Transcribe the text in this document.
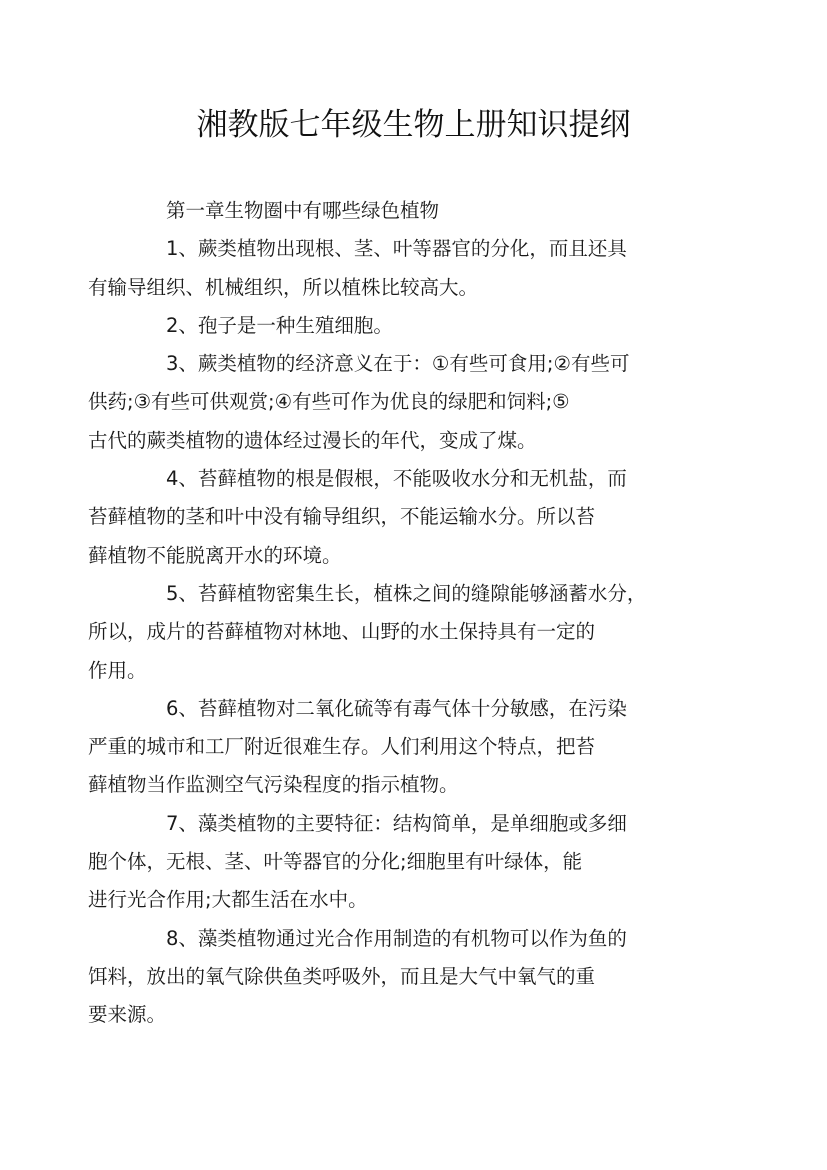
湘教版七年级生物上册知识提纲

第一章生物圈中有哪些绿色植物

1、蕨类植物出现根、茎、叶等器官的分化，而且还具
有输导组织、机械组织，所以植株比较高大。

2、孢子是一种生殖细胞。

3、蕨类植物的经济意义在于：①有些可食用;②有些可
供药;③有些可供观赏;④有些可作为优良的绿肥和饲料;⑤
古代的蕨类植物的遗体经过漫长的年代，变成了煤。

4、苔藓植物的根是假根，不能吸收水分和无机盐，而
苔藓植物的茎和叶中没有输导组织，不能运输水分。所以苔
藓植物不能脱离开水的环境。

5、苔藓植物密集生长，植株之间的缝隙能够涵蓄水分，
所以，成片的苔藓植物对林地、山野的水土保持具有一定的
作用。

6、苔藓植物对二氧化硫等有毒气体十分敏感，在污染
严重的城市和工厂附近很难生存。人们利用这个特点，把苔
藓植物当作监测空气污染程度的指示植物。

7、藻类植物的主要特征：结构简单，是单细胞或多细
胞个体，无根、茎、叶等器官的分化;细胞里有叶绿体，能
进行光合作用;大都生活在水中。

8、藻类植物通过光合作用制造的有机物可以作为鱼的
饵料，放出的氧气除供鱼类呼吸外，而且是大气中氧气的重
要来源。
